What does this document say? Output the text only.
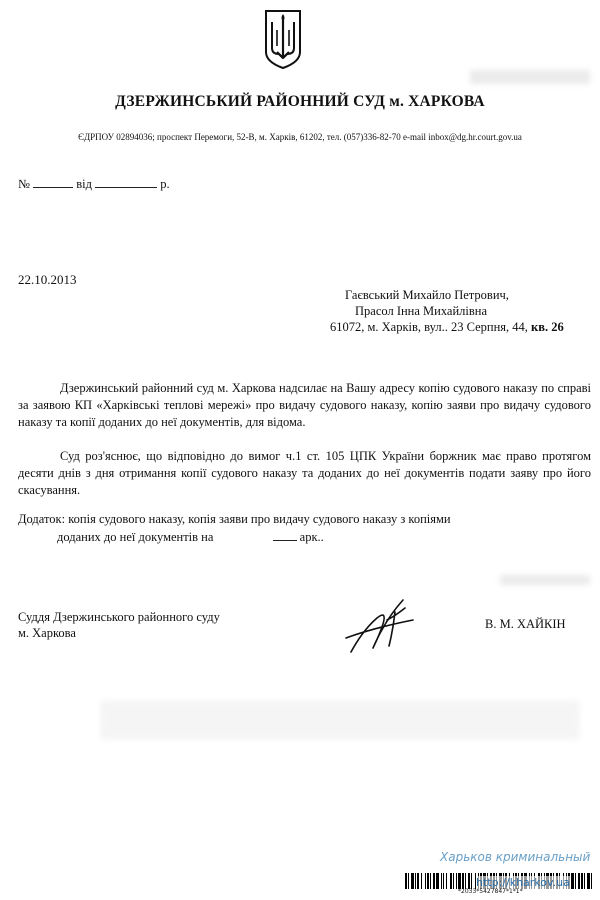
ДЗЕРЖИНСЬКИЙ РАЙОННИЙ СУД м. ХАРКОВА
ЄДРПОУ 02894036; проспект Перемоги, 52-В, м. Харків, 61202, тел. (057)336-82-70 e-mail inbox@dg.hr.court.gov.ua
№	від	р.
22.10.2013
Гаєвський Михайло Петрович,
Прасол Інна Михайлівна
61072, м. Харків, вул.. 23 Серпня, 44, кв. 26
Дзержинський районний суд м. Харкова надсилає на Вашу адресу копію судового наказу по справі за заявою КП «Харківські теплові мережі» про видачу судового наказу, копію заяви про видачу судового наказу та копії доданих до неї документів, для відома.
Суд роз'яснює, що відповідно до вимог ч.1 ст. 105 ЦПК України боржник має право протягом десяти днів з дня отримання копії судового наказу та доданих до неї документів подати заяву про його скасування.
Додаток: копія судового наказу, копія заяви про видачу судового наказу з копіями
доданих до неї документів на	арк..
Суддя Дзержинського районного суду
м. Харкова
В. М. ХАЙКІН
Харьков криминальный
http://kharkov.ua
*2033*5427847*1*1*
